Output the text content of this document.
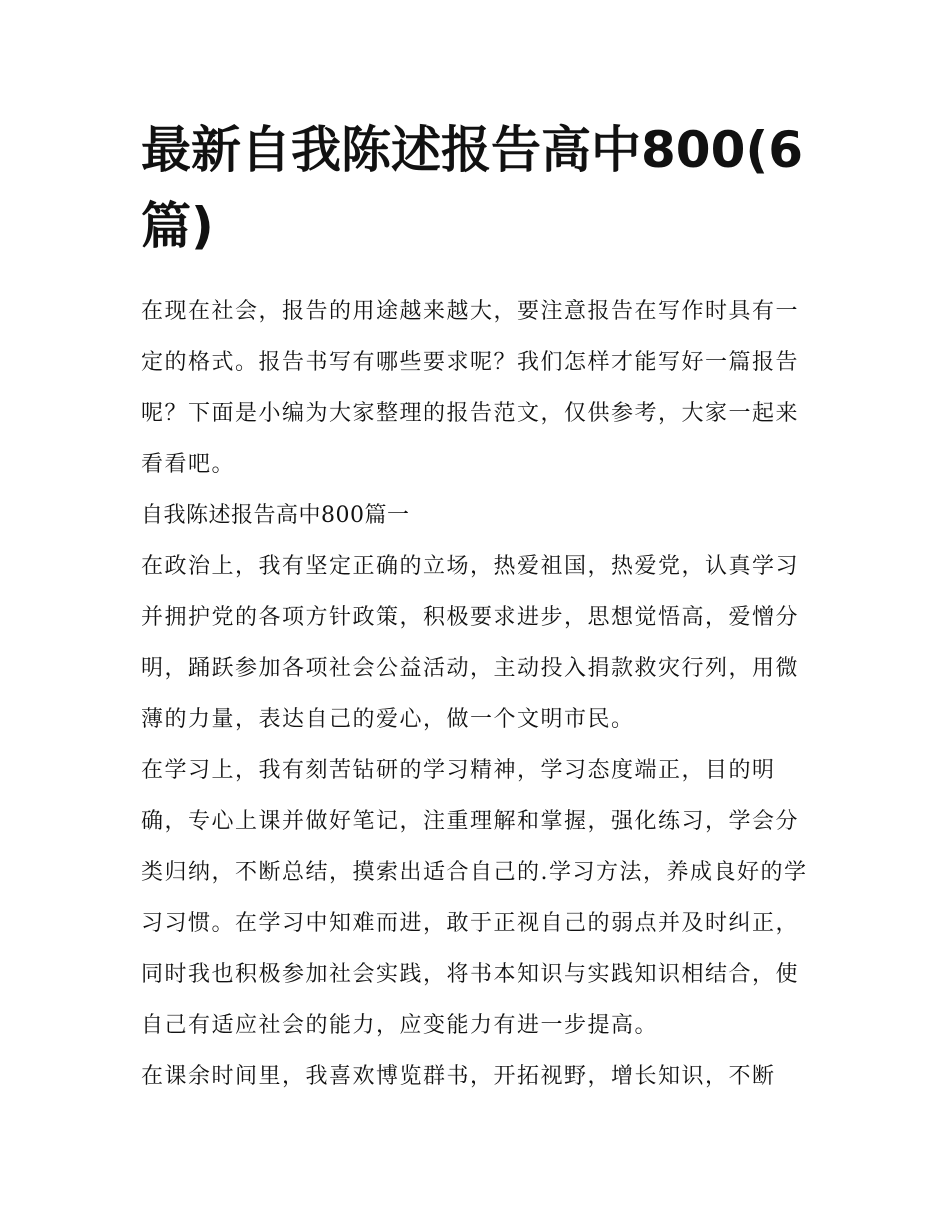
最新自我陈述报告高中800(6篇)

在现在社会，报告的用途越来越大，要注意报告在写作时具有一定的格式。报告书写有哪些要求呢？我们怎样才能写好一篇报告呢？下面是小编为大家整理的报告范文，仅供参考，大家一起来看看吧。

自我陈述报告高中800篇一

在政治上，我有坚定正确的立场，热爱祖国，热爱党，认真学习并拥护党的各项方针政策，积极要求进步，思想觉悟高，爱憎分明，踊跃参加各项社会公益活动，主动投入捐款救灾行列，用微薄的力量，表达自己的爱心，做一个文明市民。

在学习上，我有刻苦钻研的学习精神，学习态度端正，目的明确，专心上课并做好笔记，注重理解和掌握，强化练习，学会分类归纳，不断总结，摸索出适合自己的.学习方法，养成良好的学习习惯。在学习中知难而进，敢于正视自己的弱点并及时纠正，同时我也积极参加社会实践，将书本知识与实践知识相结合，使自己有适应社会的能力，应变能力有进一步提高。

在课余时间里，我喜欢博览群书，开拓视野，增长知识，不断
